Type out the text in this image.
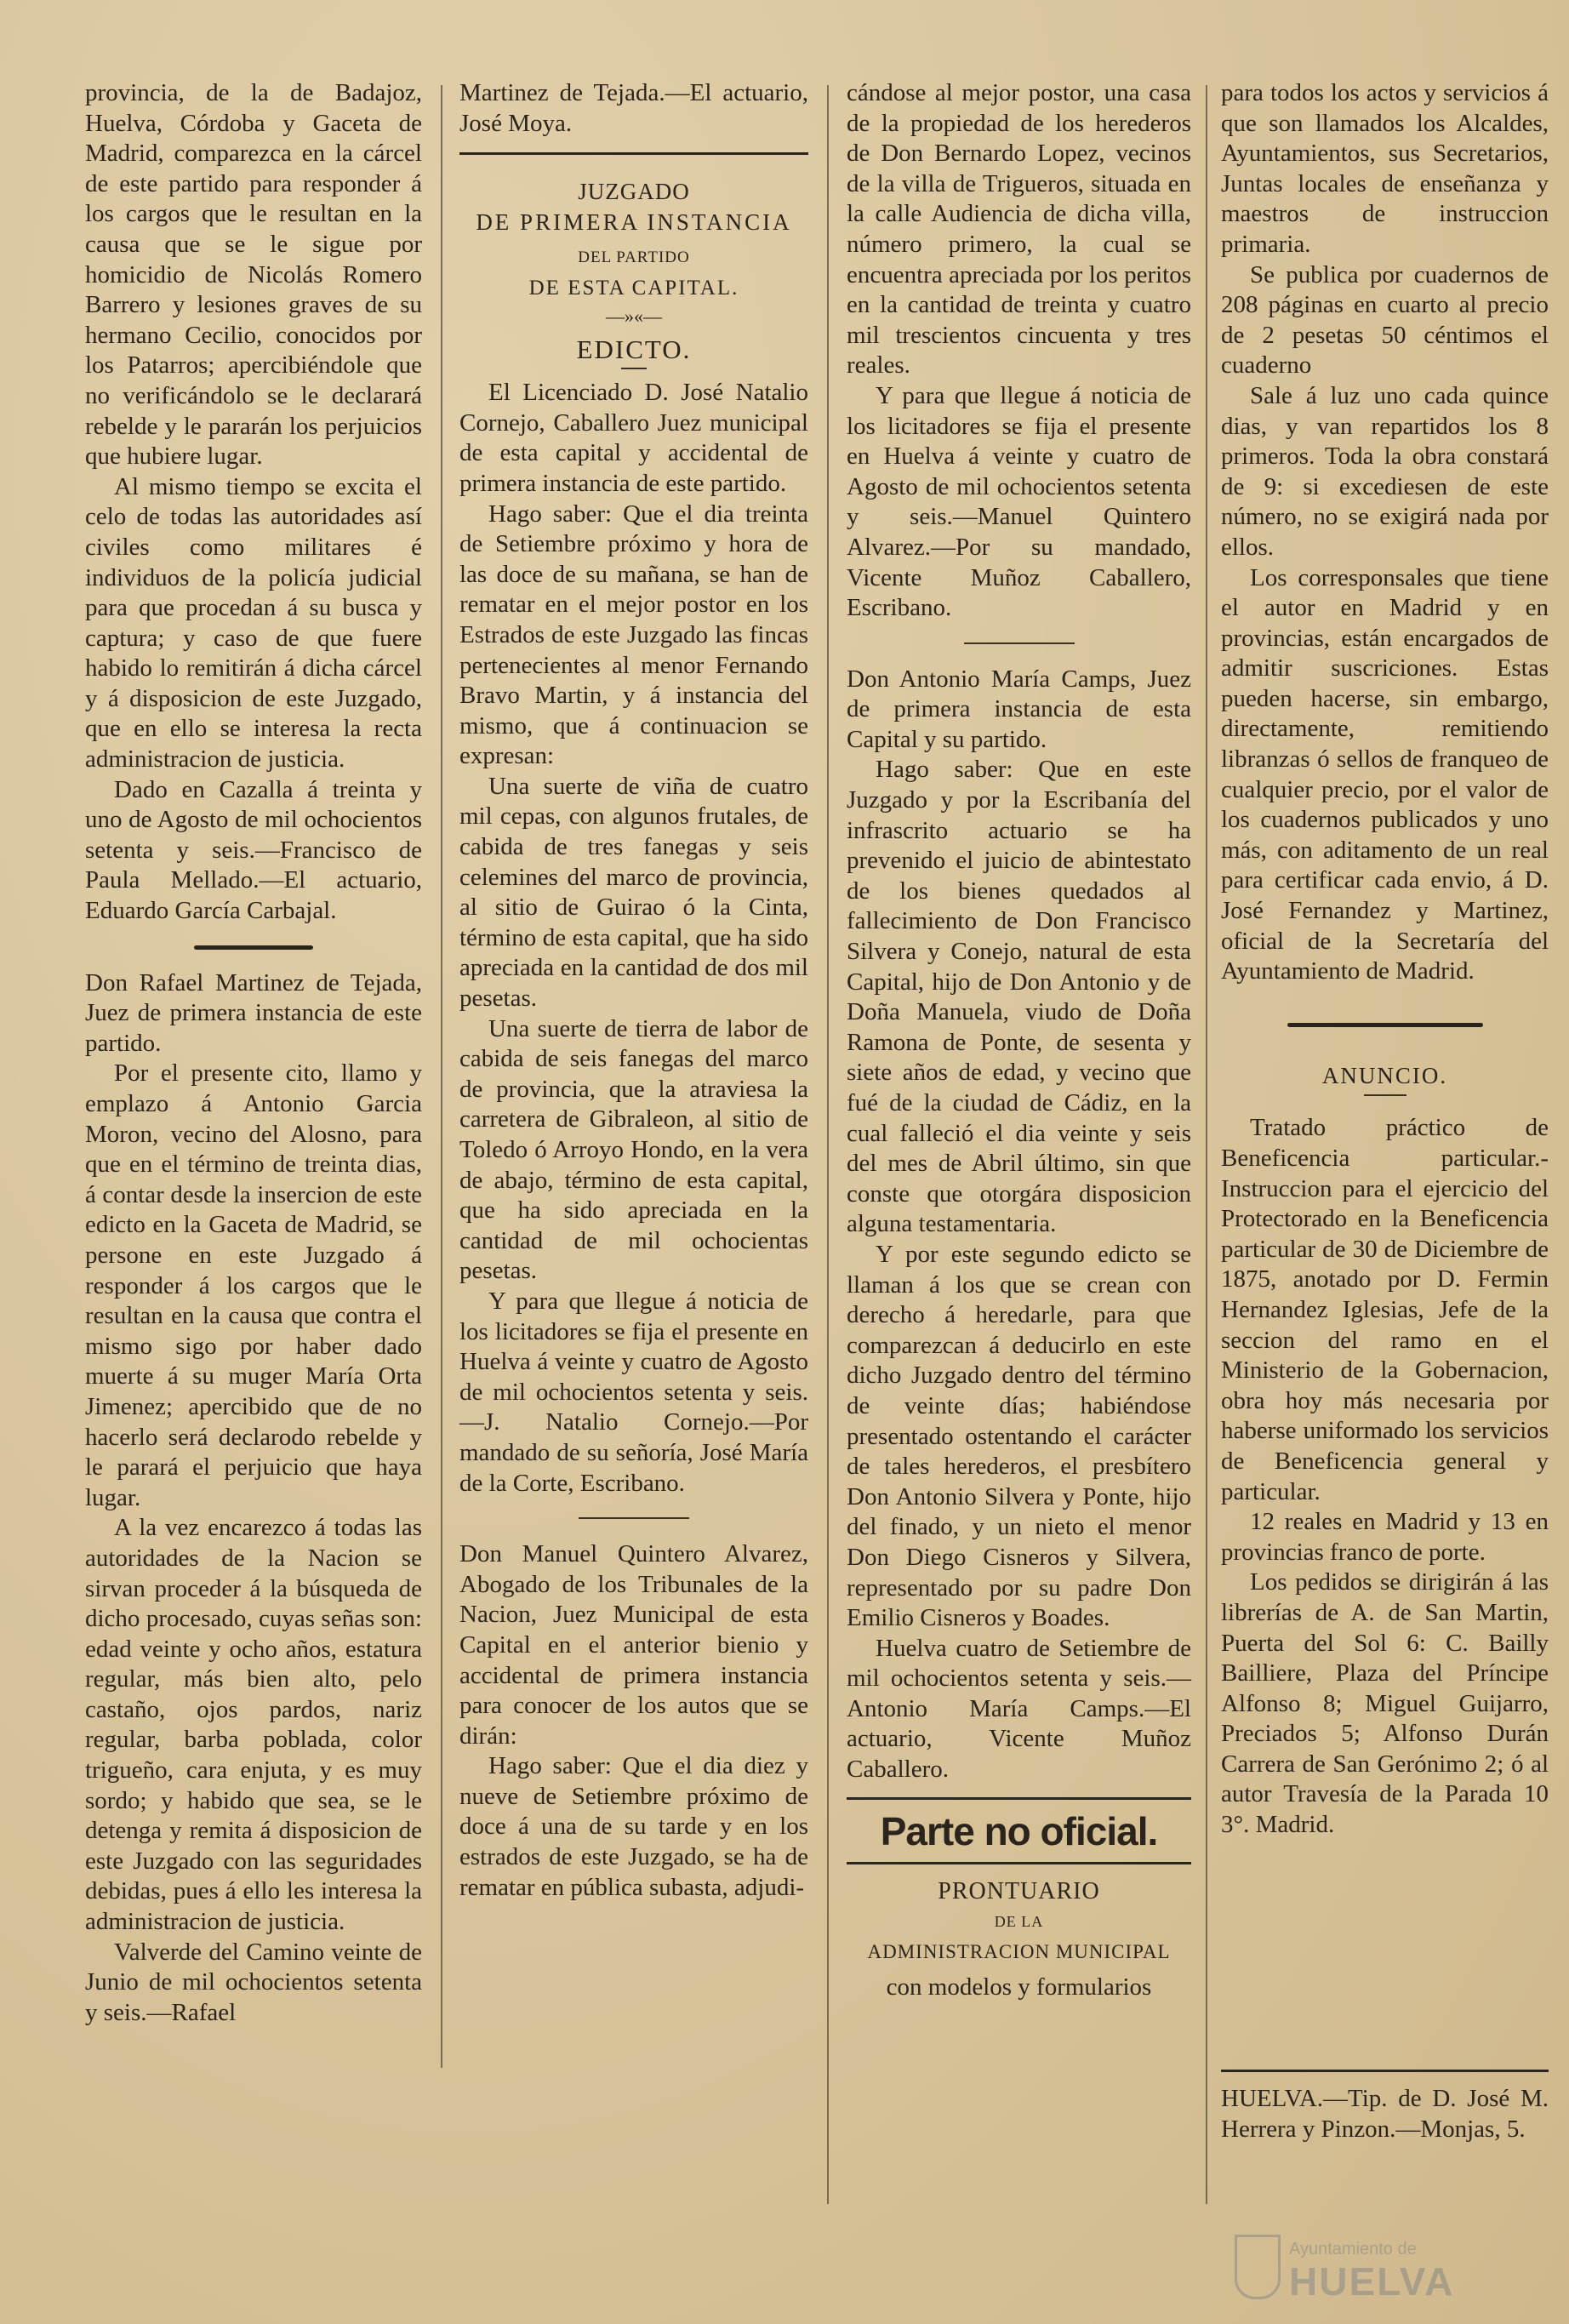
provincia, de la de Badajoz, Huelva, Córdoba y Gaceta de Madrid, comparezca en la cárcel de este partido para responder á los cargos que le resultan en la causa que se le sigue por homicidio de Nicolás Romero Barrero y lesiones graves de su hermano Cecilio, conocidos por los Patarros; apercibiéndole que no verificándolo se le declarará rebelde y le pararán los perjuicios que hubiere lugar.

Al mismo tiempo se excita el celo de todas las autoridades así civiles como militares é individuos de la policía judicial para que procedan á su busca y captura; y caso de que fuere habido lo remitirán á dicha cárcel y á disposicion de este Juzgado, que en ello se interesa la recta administracion de justicia.

Dado en Cazalla á treinta y uno de Agosto de mil ochocientos setenta y seis.—Francisco de Paula Mellado.—El actuario, Eduardo García Carbajal.

Don Rafael Martinez de Tejada, Juez de primera instancia de este partido.

Por el presente cito, llamo y emplazo á Antonio Garcia Moron, vecino del Alosno, para que en el término de treinta dias, á contar desde la insercion de este edicto en la Gaceta de Madrid, se persone en este Juzgado á responder á los cargos que le resultan en la causa que contra el mismo sigo por haber dado muerte á su muger María Orta Jimenez; apercibido que de no hacerlo será declarodo rebelde y le parará el perjuicio que haya lugar.

A la vez encarezco á todas las autoridades de la Nacion se sirvan proceder á la búsqueda de dicho procesado, cuyas señas son: edad veinte y ocho años, estatura regular, más bien alto, pelo castaño, ojos pardos, nariz regular, barba poblada, color trigueño, cara enjuta, y es muy sordo; y habido que sea, se le detenga y remita á disposicion de este Juzgado con las seguridades debidas, pues á ello les interesa la administracion de justicia.

Valverde del Camino veinte de Junio de mil ochocientos setenta y seis.—Rafael

Martinez de Tejada.—El actuario, José Moya.

JUZGADO
DE PRIMERA INSTANCIA
DEL PARTIDO
DE ESTA CAPITAL.
—»«—
EDICTO.

El Licenciado D. José Natalio Cornejo, Caballero Juez municipal de esta capital y accidental de primera instancia de este partido.

Hago saber: Que el dia treinta de Setiembre próximo y hora de las doce de su mañana, se han de rematar en el mejor postor en los Estrados de este Juzgado las fincas pertenecientes al menor Fernando Bravo Martin, y á instancia del mismo, que á continuacion se expresan:

Una suerte de viña de cuatro mil cepas, con algunos frutales, de cabida de tres fanegas y seis celemines del marco de provincia, al sitio de Guirao ó la Cinta, término de esta capital, que ha sido apreciada en la cantidad de dos mil pesetas.

Una suerte de tierra de labor de cabida de seis fanegas del marco de provincia, que la atraviesa la carretera de Gibraleon, al sitio de Toledo ó Arroyo Hondo, en la vera de abajo, término de esta capital, que ha sido apreciada en la cantidad de mil ochocientas pesetas.

Y para que llegue á noticia de los licitadores se fija el presente en Huelva á veinte y cuatro de Agosto de mil ochocientos setenta y seis.—J. Natalio Cornejo.—Por mandado de su señoría, José María de la Corte, Escribano.

Don Manuel Quintero Alvarez, Abogado de los Tribunales de la Nacion, Juez Municipal de esta Capital en el anterior bienio y accidental de primera instancia para conocer de los autos que se dirán:

Hago saber: Que el dia diez y nueve de Setiembre próximo de doce á una de su tarde y en los estrados de este Juzgado, se ha de rematar en pública subasta, adjudi-

cándose al mejor postor, una casa de la propiedad de los herederos de Don Bernardo Lopez, vecinos de la villa de Trigueros, situada en la calle Audiencia de dicha villa, número primero, la cual se encuentra apreciada por los peritos en la cantidad de treinta y cuatro mil trescientos cincuenta y tres reales.

Y para que llegue á noticia de los licitadores se fija el presente en Huelva á veinte y cuatro de Agosto de mil ochocientos setenta y seis.—Manuel Quintero Alvarez.—Por su mandado, Vicente Muñoz Caballero, Escribano.

Don Antonio María Camps, Juez de primera instancia de esta Capital y su partido.

Hago saber: Que en este Juzgado y por la Escribanía del infrascrito actuario se ha prevenido el juicio de abintestato de los bienes quedados al fallecimiento de Don Francisco Silvera y Conejo, natural de esta Capital, hijo de Don Antonio y de Doña Manuela, viudo de Doña Ramona de Ponte, de sesenta y siete años de edad, y vecino que fué de la ciudad de Cádiz, en la cual falleció el dia veinte y seis del mes de Abril último, sin que conste que otorgára disposicion alguna testamentaria.

Y por este segundo edicto se llaman á los que se crean con derecho á heredarle, para que comparezcan á deducirlo en este dicho Juzgado dentro del término de veinte días; habiéndose presentado ostentando el carácter de tales herederos, el presbítero Don Antonio Silvera y Ponte, hijo del finado, y un nieto el menor Don Diego Cisneros y Silvera, representado por su padre Don Emilio Cisneros y Boades.

Huelva cuatro de Setiembre de mil ochocientos setenta y seis.—Antonio María Camps.—El actuario, Vicente Muñoz Caballero.

Parte no oficial.
PRONTUARIO
DE LA
ADMINISTRACION MUNICIPAL
con modelos y formularios

para todos los actos y servicios á que son llamados los Alcaldes, Ayuntamientos, sus Secretarios, Juntas locales de enseñanza y maestros de instruccion primaria.

Se publica por cuadernos de 208 páginas en cuarto al precio de 2 pesetas 50 céntimos el cuaderno

Sale á luz uno cada quince dias, y van repartidos los 8 primeros. Toda la obra constará de 9: si excediesen de este número, no se exigirá nada por ellos.

Los corresponsales que tiene el autor en Madrid y en provincias, están encargados de admitir suscriciones. Estas pueden hacerse, sin embargo, directamente, remitiendo libranzas ó sellos de franqueo de cualquier precio, por el valor de los cuadernos publicados y uno más, con aditamento de un real para certificar cada envio, á D. José Fernandez y Martinez, oficial de la Secretaría del Ayuntamiento de Madrid.

ANUNCIO.

Tratado práctico de Beneficencia particular.-Instruccion para el ejercicio del Protectorado en la Beneficencia particular de 30 de Diciembre de 1875, anotado por D. Fermin Hernandez Iglesias, Jefe de la seccion del ramo en el Ministerio de la Gobernacion, obra hoy más necesaria por haberse uniformado los servicios de Beneficencia general y particular.

12 reales en Madrid y 13 en provincias franco de porte.

Los pedidos se dirigirán á las librerías de A. de San Martin, Puerta del Sol 6: C. Bailly Bailliere, Plaza del Príncipe Alfonso 8; Miguel Guijarro, Preciados 5; Alfonso Durán Carrera de San Gerónimo 2; ó al autor Travesía de la Parada 10 3°. Madrid.

HUELVA.—Tip. de D. José M. Herrera y Pinzon.—Monjas, 5.
Ayuntamiento de
HUELVA
